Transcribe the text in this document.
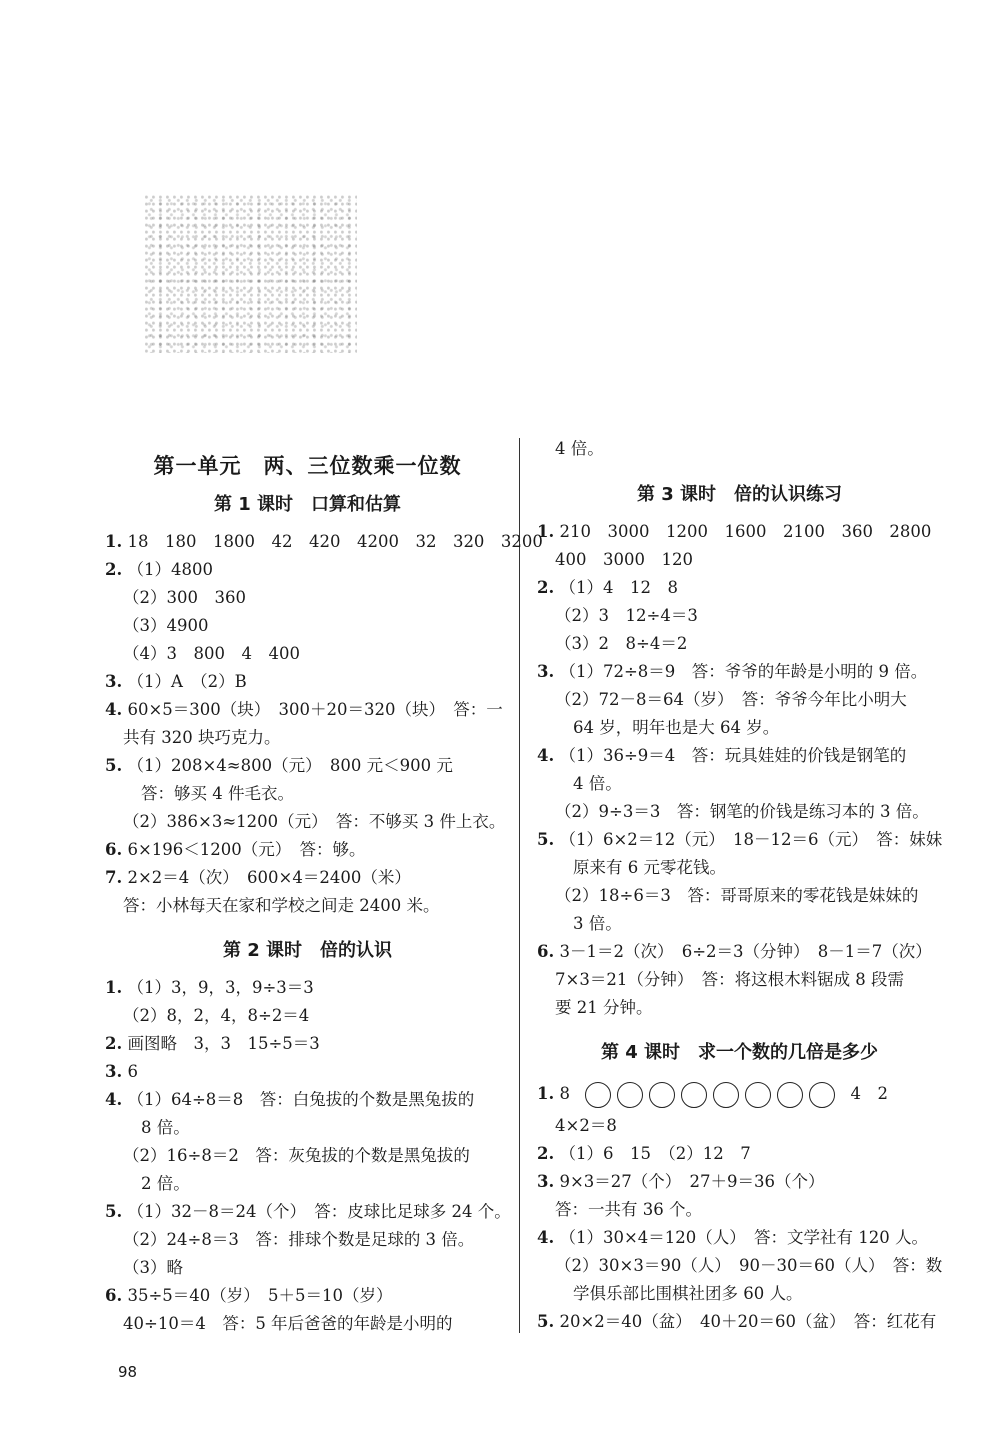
第一单元　两、三位数乘一位数
第 1 课时　口算和估算
1. 18　180　1800　42　420　4200　32　320　3200
2. （1）4800
（2）300　360
（3）4900
（4）3　800　4　400
3. （1）A　（2）B
4. 60×5＝300（块）　300＋20＝320（块）　答：一
共有 320 块巧克力。
5. （1）208×4≈800（元）　800 元＜900 元
答：够买 4 件毛衣。
（2）386×3≈1200（元）　答：不够买 3 件上衣。
6. 6×196＜1200（元）　答：够。
7. 2×2＝4（次）　600×4＝2400（米）
答：小林每天在家和学校之间走 2400 米。
第 2 课时　倍的认识
1. （1）3，9，3，9÷3＝3
（2）8，2，4，8÷2＝4
2. 画图略　3，3　15÷5＝3
3. 6
4. （1）64÷8＝8　答：白兔拔的个数是黑兔拔的
8 倍。
（2）16÷8＝2　答：灰兔拔的个数是黑兔拔的
2 倍。
5. （1）32－8＝24（个）　答：皮球比足球多 24 个。
（2）24÷8＝3　答：排球个数是足球的 3 倍。
（3）略
6. 35÷5＝40（岁）　5＋5＝10（岁）
40÷10＝4　答：5 年后爸爸的年龄是小明的
4 倍。
第 3 课时　倍的认识练习
1. 210　3000　1200　1600　2100　360　2800
400　3000　120
2. （1）4　12　8
（2）3　12÷4＝3
（3）2　8÷4＝2
3. （1）72÷8＝9　答：爷爷的年龄是小明的 9 倍。
（2）72－8＝64（岁）　答：爷爷今年比小明大
64 岁，明年也是大 64 岁。
4. （1）36÷9＝4　答：玩具娃娃的价钱是钢笔的
4 倍。
（2）9÷3＝3　答：钢笔的价钱是练习本的 3 倍。
5. （1）6×2＝12（元）　18－12＝6（元）　答：妹妹
原来有 6 元零花钱。
（2）18÷6＝3　答：哥哥原来的零花钱是妹妹的
3 倍。
6. 3－1＝2（次）　6÷2＝3（分钟）　8－1＝7（次）
7×3＝21（分钟）　答：将这根木料锯成 8 段需
要 21 分钟。
第 4 课时　求一个数的几倍是多少
1. 8	4　2
4×2＝8
2. （1）6　15　（2）12　7
3. 9×3＝27（个）　27＋9＝36（个）
答：一共有 36 个。
4. （1）30×4＝120（人）　答：文学社有 120 人。
（2）30×3＝90（人）　90－30＝60（人）　答：数
学俱乐部比围棋社团多 60 人。
5. 20×2＝40（盆）　40＋20＝60（盆）　答：红花有
98
